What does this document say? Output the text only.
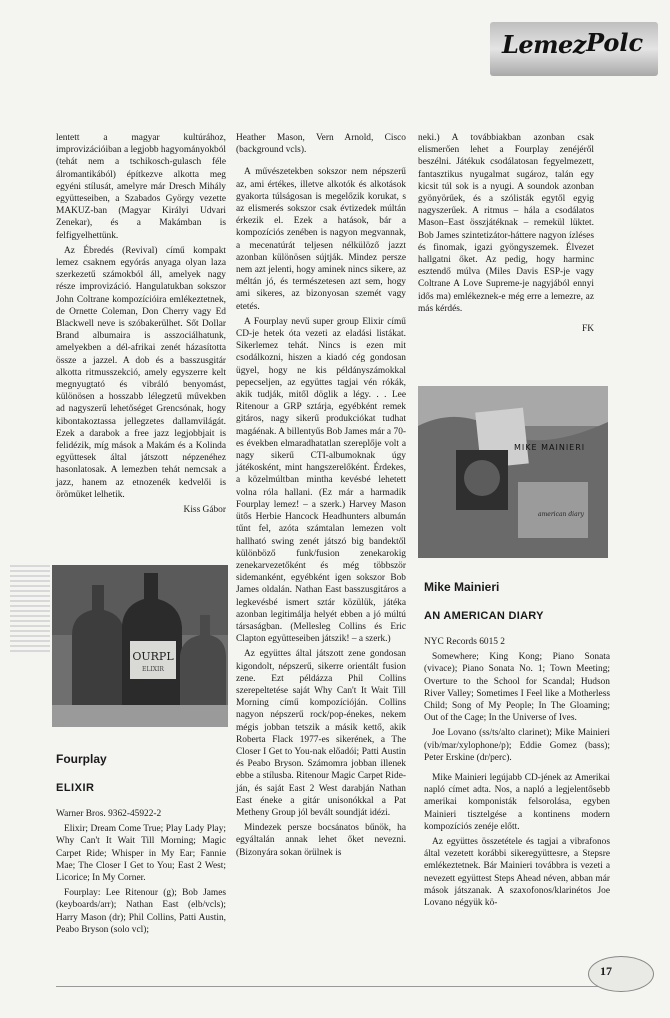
Lemez Polc

lentett a magyar kultúrához, improvizációiban a legjobb hagyományokból (tehát nem a tschikosch-gulasch féle álromantikából) építkezve alkotta meg egyéni stílusát, amelyre már Dresch Mihály együtteseiben, a Szabados György vezette MAKUZ-ban (Magyar Királyi Udvari Zenekar), és a Makámban is felfigyelhettünk.

Az Ébredés (Revival) című kompakt lemez csaknem egyórás anyaga olyan laza szerkezetű számokból áll, amelyek nagy része improvizáció. Hangulatukban sokszor John Coltrane kompozícióira emlékeztetnek, de Ornette Coleman, Don Cherry vagy Ed Blackwell neve is szóbakerülhet. Sőt Dollar Brand albumaira is asszociálhatunk, amelyekben a dél-afrikai zenét házasította össze a jazzel. A dob és a basszusgitár alkotta ritmusszekció, amely egyszerre kelt megnyugtató és vibráló benyomást, különösen a hosszabb lélegzetű művekben ad nagyszerű lehetőséget Grencsónak, hogy kibontakoztassa jellegzetes dallamvilágát. Ezek a darabok a free jazz legjobbjait is felidézik, míg mások a Makám és a Kolinda együttesek által játszott népzenéhez hasonlatosak. A lemezben tehát nemcsak a jazz, hanem az etnozenék kedvelői is örömüket lelhetik.

Kiss Gábor
OURPL
ELIXIR
Fourplay
ELIXIR

Warner Bros. 9362-45922-2

Elixir; Dream Come True; Play Lady Play; Why Can't It Wait Till Morning; Magic Carpet Ride; Whisper in My Ear; Fannie Mae; The Closer I Get to You; East 2 West; Licorice; In My Corner.

Fourplay: Lee Ritenour (g); Bob James (keyboards/arr); Nathan East (elb/vcls); Harry Mason (dr); Phil Collins, Patti Austin, Peabo Bryson (solo vcl);

Heather Mason, Vern Arnold, Cisco (background vcls).

A művészetekben sokszor nem népszerű az, ami értékes, illetve alkotók és alkotások gyakorta túlságosan is megelőzik korukat, s az elismerés sokszor csak évtizedek múltán érkezik el. Ezek a hatások, bár a kompozíciós zenében is nagyon megvannak, a mecenatúrát teljesen nélkülöző jazzt azonban különösen sújtják. Mindez persze nem azt jelenti, hogy aminek nincs sikere, az méltán jó, és természetesen azt sem, hogy ami sikeres, az bizonyosan szemét vagy etetés.

A Fourplay nevű super group Elixir című CD-je hetek óta vezeti az eladási listákat. Sikerlemez tehát. Nincs is ezen mit csodálkozni, hiszen a kiadó cég gondosan ügyel, hogy ne kis példányszámokkal pepecseljen, az együttes tagjai vén rókák, akik tudják, mitől döglik a légy. . . Lee Ritenour a GRP sztárja, egyébként remek gitáros, nagy sikerű produkciókat tudhat magáénak. A billentyűs Bob James már a 70-es években elmaradhatatlan szereplője volt a nagy sikerű CTI-albumoknak úgy játékosként, mint hangszerelőként. Érdekes, a közelmúltban mintha kevésbé lehetett volna róla hallani. (Ez már a harmadik Fourplay lemez! – a szerk.) Harvey Mason ütős Herbie Hancock Headhunters albumán tűnt fel, azóta számtalan lemezen volt hallható swing zenét játszó big bandektől különböző funk/fusion zenekarokig zenekarvezetőként és még többször sidemanként, egyébként igen sokszor Bob James oldalán. Nathan East basszusgitáros a legkevésbé ismert sztár közülük, játéka azonban legitimálja helyét ebben a jó múltú társaságban. (Mellesleg Collins és Eric Clapton együtteseiben játszik! – a szerk.)

Az együttes által játszott zene gondosan kigondolt, népszerű, sikerre orientált fusion zene. Ezt példázza Phil Collins szerepeltetése saját Why Can't It Wait Till Morning című kompozícióján. Collins nagyon népszerű rock/pop-énekes, nekem mégis jobban tetszik a másik kettő, akik Roberta Flack 1977-es sikerének, a The Closer I Get to You-nak előadói; Patti Austin és Peabo Bryson. Számomra jobban illenek ebbe a stílusba. Ritenour Magic Carpet Ride-ján, és saját East 2 West darabján Nathan East énekе a gitár unisonókkal a Pat Metheny Group jól bevált soundját idézi.

Mindezek persze bocsánatos bűnök, ha egyáltalán annak lehet őket nevezni. (Bizonyára sokan örülnek is

neki.) A továbbiakban azonban csak elismerően lehet a Fourplay zenéjéről beszélni. Játékuk csodálatosan fegyelmezett, fantasztikus nyugalmat sugároz, talán egy kicsit túl sok is a nyugi. A soundok azonban gyönyörűek, és a szólisták egytől egyig nagyszerűek. A ritmus – hála a csodálatos Mason–East összjátéknak – remekül lüktet. Bob James szintetizátor-háttere nagyon ízléses és finomak, igazi gyöngyszemek. Élvezet hallgatni őket. Az pedig, hogy harminc esztendő múlva (Miles Davis ESP-je vagy Coltrane A Love Supreme-je nagyjából ennyi idős ma) emlékeznek-e még erre a lemezre, az más kérdés.

FK
MIKE MAINIERI
american diary
Mike Mainieri
AN AMERICAN DIARY

NYC Records 6015 2

Somewhere; King Kong; Piano Sonata (vivace); Piano Sonata No. 1; Town Meeting; Overture to the School for Scandal; Hudson River Valley; Sometimes I Feel like a Motherless Child; Song of My People; In The Gloaming; Out of the Cage; In the Universe of Ives.

Joe Lovano (ss/ts/alto clarinet); Mike Mainieri (vib/mar/xylophone/p); Eddie Gomez (bass); Peter Erskine (dr/perc).

Mike Mainieri legújabb CD-jének az Amerikai napló címet adta. Nos, a napló a legjelentősebb amerikai komponisták felsorolása, egyben Mainieri tisztelgése a kontinens modern kompozíciós zenéje előtt.

Az együttes összetétele és tagjai a vibrafonos által vezetett korábbi sikeregyüttesre, a Stepsre emlékeztetnek. Bár Mainieri továbbra is vezeti a nevezett együttest Steps Ahead néven, abban már mások játszanak. A szaxofonos/klarinétos Joe Lovano négyük kö-

17
